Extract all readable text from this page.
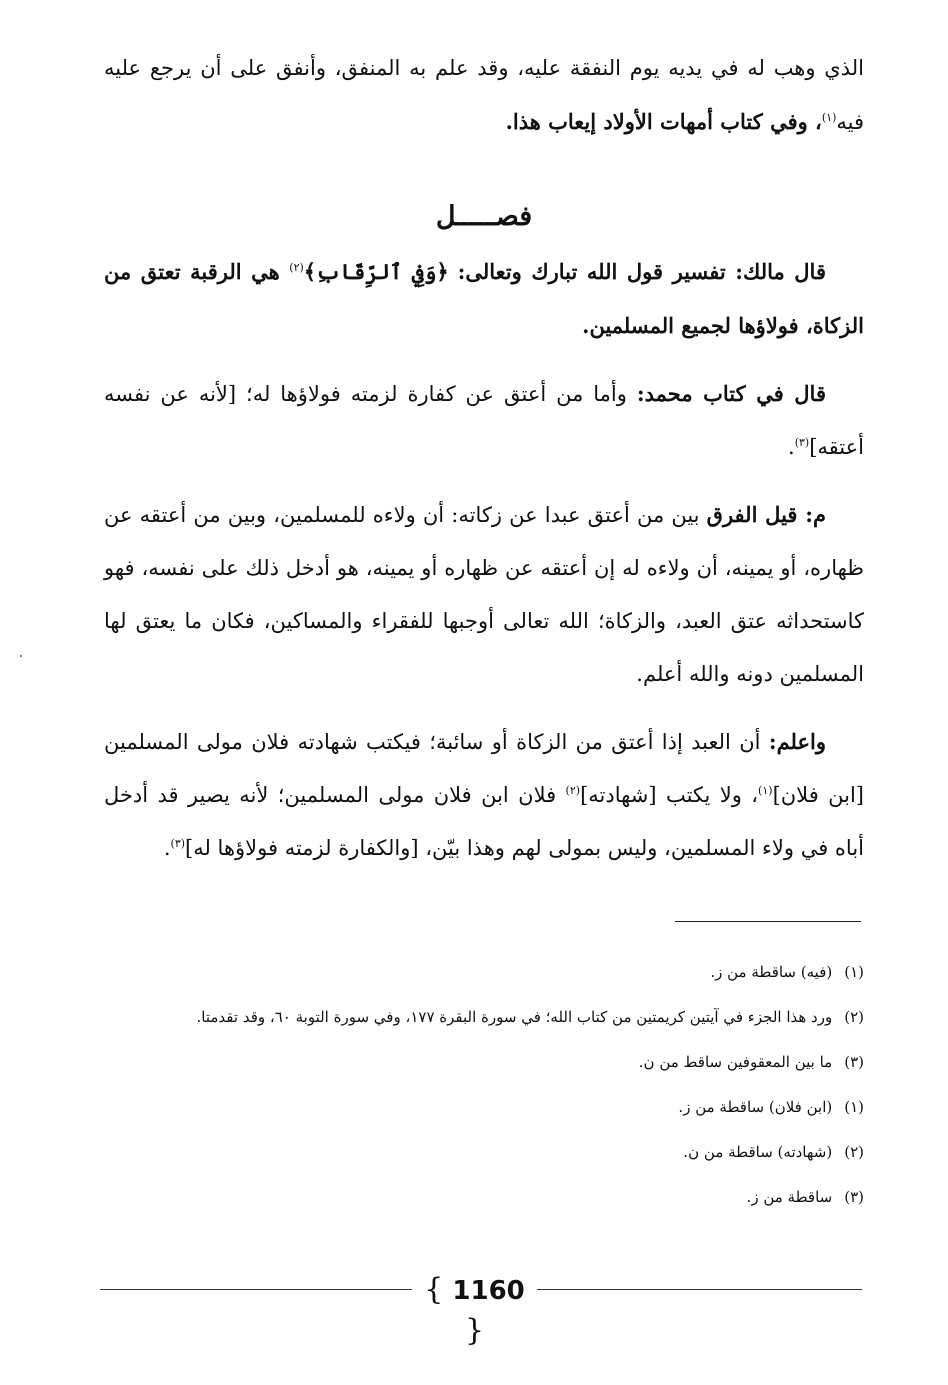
الذي وهب له في يديه يوم النفقة عليه، وقد علم به المنفق، وأنفق على أن يرجع عليه فيه$^{(١)}$، وفي كتاب أمهات الأولاد إيعاب هذا.

فصـــــل

قال مالك: تفسير قول الله تبارك وتعالى: ﴿وَفِي ٱلرِّقَابِ﴾$^{(٢)}$ هي الرقبة تعتق من الزكاة، فولاؤها لجميع المسلمين.

قال في كتاب محمد: وأما من أعتق عن كفارة لزمته فولاؤها له؛ [لأنه عن نفسه أعتقه]$^{(٣)}$.

م: قيل الفرق بين من أعتق عبدا عن زكاته: أن ولاءه للمسلمين، وبين من أعتقه عن ظهاره، أو يمينه، أن ولاءه له إن أعتقه عن ظهاره أو يمينه، هو أدخل ذلك على نفسه، فهو كاستحداثه عتق العبد، والزكاة؛ الله تعالى أوجبها للفقراء والمساكين، فكان ما يعتق لها المسلمين دونه والله أعلم.

واعلم: أن العبد إذا أعتق من الزكاة أو سائبة؛ فيكتب شهادته فلان مولى المسلمين [ابن فلان]$^{(١)}$، ولا يكتب [شهادته]$^{(٢)}$ فلان ابن فلان مولى المسلمين؛ لأنه يصير قد أدخل أباه في ولاء المسلمين، وليس بمولى لهم وهذا بيّن، [والكفارة لزمته فولاؤها له]$^{(٣)}$.

(١)(فيه) ساقطة من ز.
(٢)ورد هذا الجزء في آيتين كريمتين من كتاب الله؛ في سورة البقرة ١٧٧، وفي سورة التوبة ٦٠، وقد تقدمتا.
(٣)ما بين المعقوفين ساقط من ن.
(١)(ابن فلان) ساقطة من ز.
(٢)(شهادته) ساقطة من ن.
(٣)ساقطة من ز.
{ 1160 }
